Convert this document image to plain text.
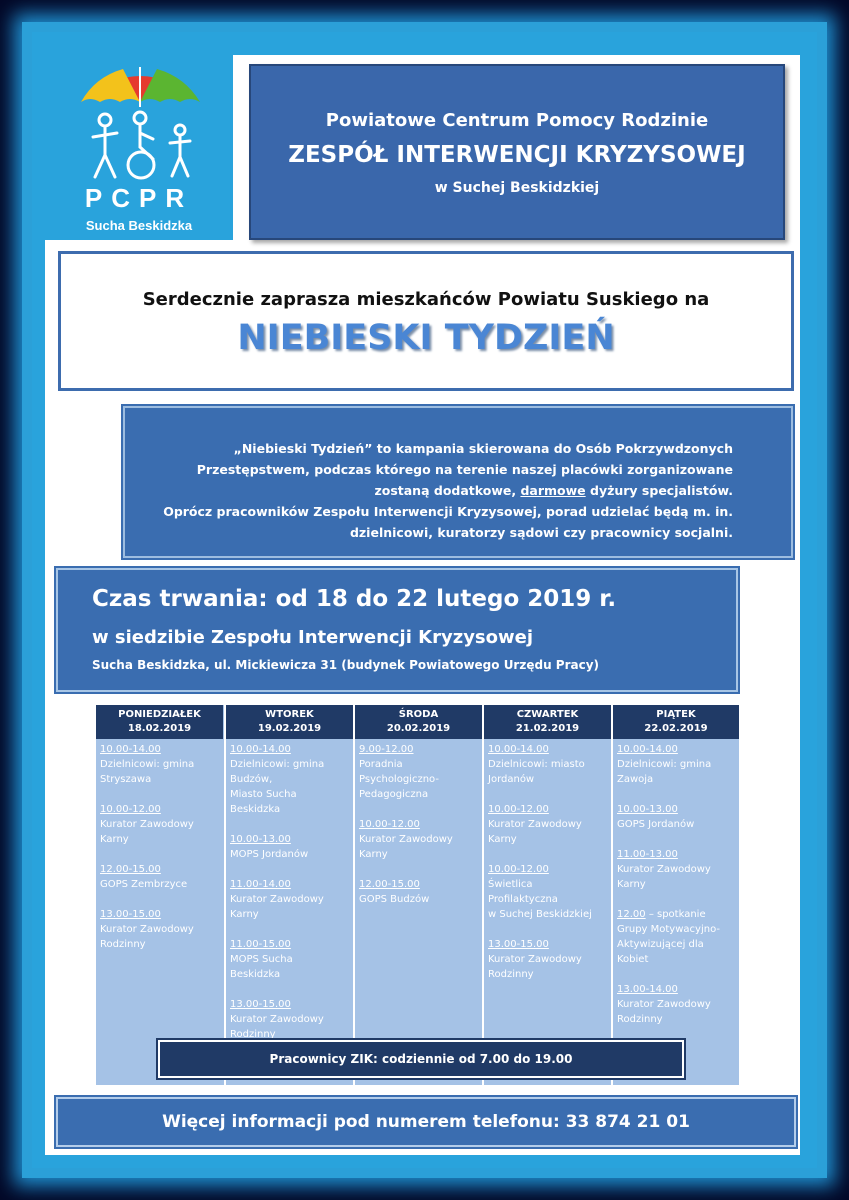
PCPR
Sucha Beskidzka
Powiatowe Centrum Pomocy Rodzinie
ZESPÓŁ INTERWENCJI KRYZYSOWEJ
w Suchej Beskidzkiej
Serdecznie zaprasza mieszkańców Powiatu Suskiego na
NIEBIESKI TYDZIEŃ
„Niebieski Tydzień” to kampania skierowana do Osób Pokrzywdzonych
Przestępstwem, podczas którego na terenie naszej placówki zorganizowane
zostaną dodatkowe, darmowe dyżury specjalistów.
Oprócz pracowników Zespołu Interwencji Kryzysowej, porad udzielać będą m. in.
dzielnicowi, kuratorzy sądowi czy pracownicy socjalni.
Czas trwania: od 18 do 22 lutego 2019 r.
w siedzibie Zespołu Interwencji Kryzysowej
Sucha Beskidzka, ul. Mickiewicza 31 (budynek Powiatowego Urzędu Pracy)
PONIEDZIAŁEK
18.02.2019
10.00-14.00
Dzielnicowi: gmina
Stryszawa
10.00-12.00
Kurator Zawodowy
Karny
12.00-15.00
GOPS Zembrzyce
13.00-15.00
Kurator Zawodowy
Rodzinny
WTOREK
19.02.2019
10.00-14.00
Dzielnicowi: gmina
Budzów,
Miasto Sucha
Beskidzka
10.00-13.00
MOPS Jordanów
11.00-14.00
Kurator Zawodowy
Karny
11.00-15.00
MOPS Sucha
Beskidzka
13.00-15.00
Kurator Zawodowy
Rodzinny
ŚRODA
20.02.2019
9.00-12.00
Poradnia
Psychologiczno-
Pedagogiczna
10.00-12.00
Kurator Zawodowy
Karny
12.00-15.00
GOPS Budzów
CZWARTEK
21.02.2019
10.00-14.00
Dzielnicowi: miasto
Jordanów
10.00-12.00
Kurator Zawodowy
Karny
10.00-12.00
Świetlica
Profilaktyczna
w Suchej Beskidzkiej
13.00-15.00
Kurator Zawodowy
Rodzinny
PIĄTEK
22.02.2019
10.00-14.00
Dzielnicowi: gmina
Zawoja
10.00-13.00
GOPS Jordanów
11.00-13.00
Kurator Zawodowy
Karny
12.00 – spotkanie
Grupy Motywacyjno-
Aktywizującej dla
Kobiet
13.00-14.00
Kurator Zawodowy
Rodzinny
Pracownicy ZIK: codziennie od 7.00 do 19.00
Więcej informacji pod numerem telefonu: 33 874 21 01
